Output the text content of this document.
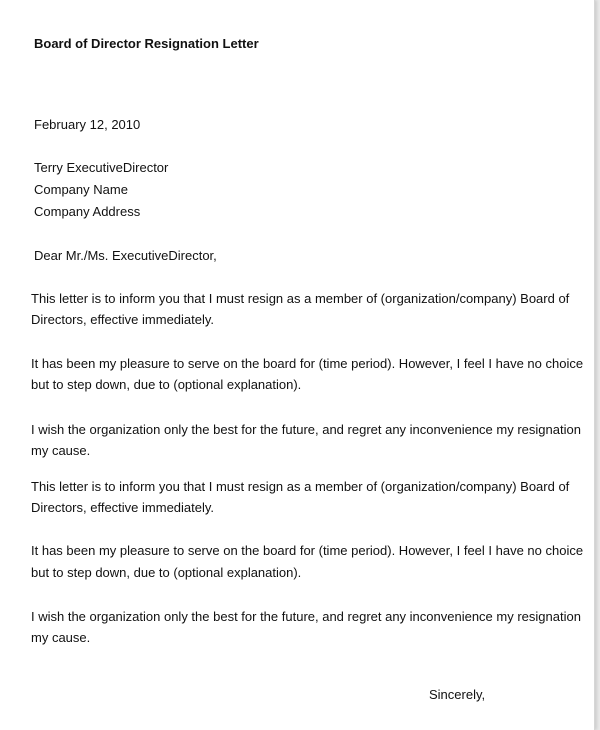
Board of Director Resignation Letter
February 12, 2010
Terry ExecutiveDirector
Company Name
Company Address
Dear Mr./Ms. ExecutiveDirector,
This letter is to inform you that I must resign as a member of (organization/company) Board of
Directors, effective immediately.
It has been my pleasure to serve on the board for (time period). However, I feel I have no choice
but to step down, due to (optional explanation).
I wish the organization only the best for the future, and regret any inconvenience my resignation
my cause.
This letter is to inform you that I must resign as a member of (organization/company) Board of
Directors, effective immediately.
It has been my pleasure to serve on the board for (time period). However, I feel I have no choice
but to step down, due to (optional explanation).
I wish the organization only the best for the future, and regret any inconvenience my resignation
my cause.
Sincerely,
